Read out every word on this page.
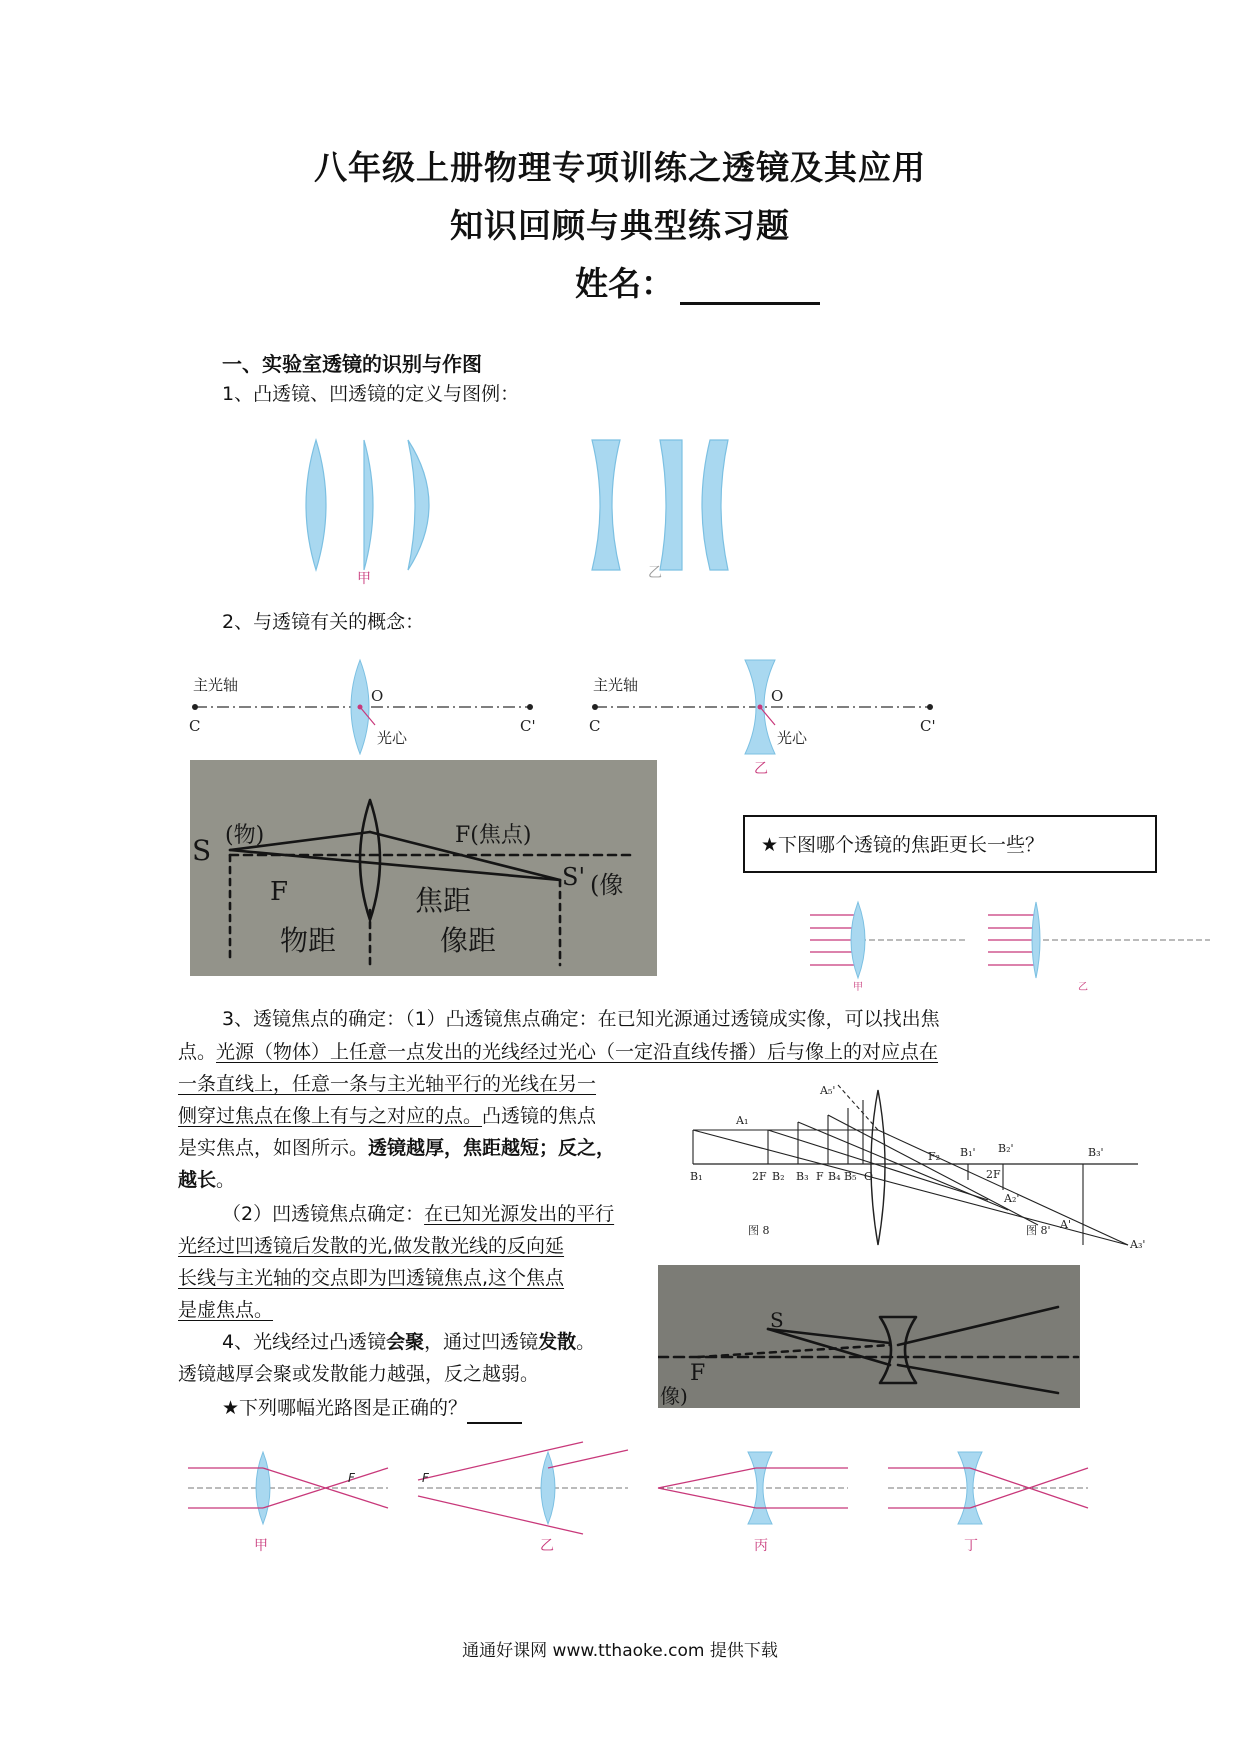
八年级上册物理专项训练之透镜及其应用
知识回顾与典型练习题
姓名：
一、实验室透镜的识别与作图
1、凸透镜、凹透镜的定义与图例：
甲	乙
2、与透镜有关的概念：
主光轴
C	C'
O
光心
主光轴
C	C'
O
光心
乙
S (物)
F
F(焦点)
焦距
S' (像
物距	像距
★下图哪个透镜的焦距更长一些？
甲	乙
3、透镜焦点的确定：（1）凸透镜焦点确定：在已知光源通过透镜成实像，可以找出焦
点。光源（物体）上任意一点发出的光线经过光心（一定沿直线传播）后与像上的对应点在
一条直线上，任意一条与主光轴平行的光线在另一
侧穿过焦点在像上有与之对应的点。凸透镜的焦点
是实焦点，如图所示。透镜越厚，焦距越短；反之，
越长。
（2）凹透镜焦点确定：在已知光源发出的平行
光经过凹透镜后发散的光,做发散光线的反向延
长线与主光轴的交点即为凹透镜焦点,这个焦点
是虚焦点。
A₁
B₁	2F B₂ B₃ F B₄ B₅ O
A₅'
F₂ B₁' B₂'	B₃'
2F
A₂'
A'
A₃'
图 8	图 8'
S
F
像)
4、光线经过凸透镜会聚，通过凹透镜发散。
透镜越厚会聚或发散能力越强，反之越弱。
★下列哪幅光路图是正确的？
F	F
甲	乙	丙	丁
通通好课网 www.tthaoke.com 提供下载
